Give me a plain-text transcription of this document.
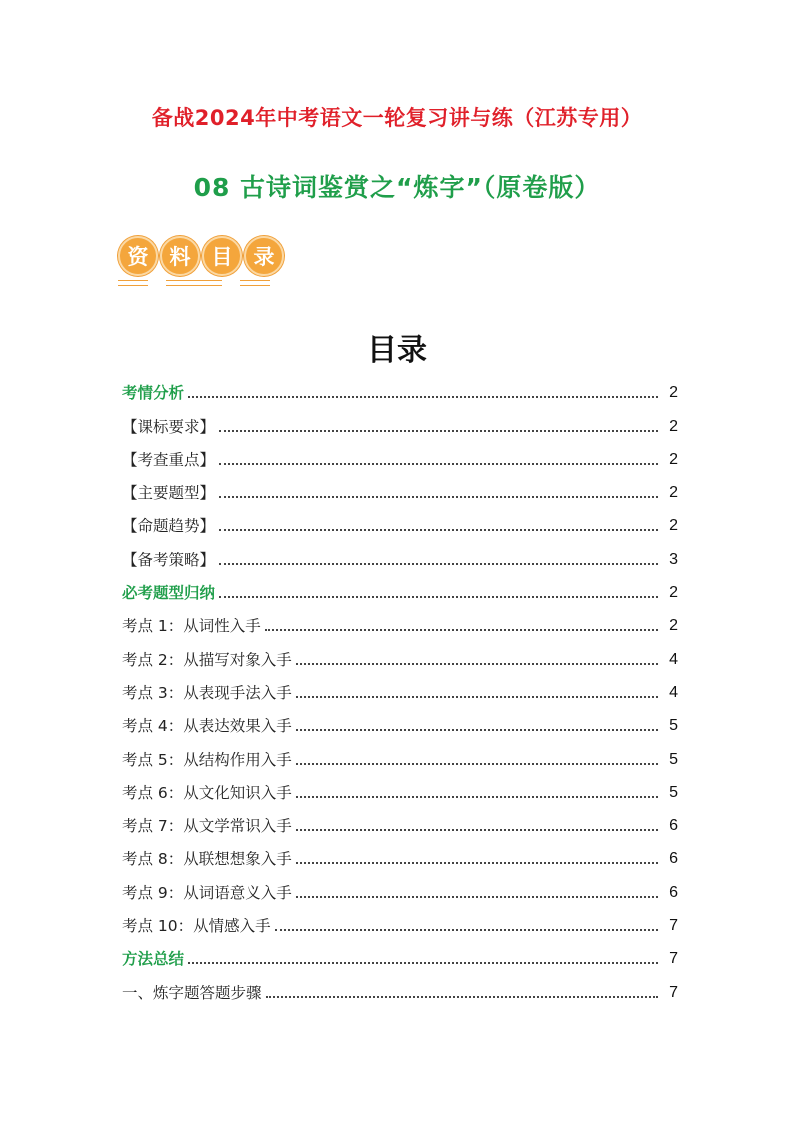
备战2024年中考语文一轮复习讲与练（江苏专用）
08 古诗词鉴赏之“炼字”（原卷版）
资	料	目	录
目录
考情分析	2
【课标要求】	2
【考查重点】	2
【主要题型】	2
【命题趋势】	2
【备考策略】	3
必考题型归纳	2
考点 1：从词性入手	2
考点 2：从描写对象入手	4
考点 3：从表现手法入手	4
考点 4：从表达效果入手	5
考点 5：从结构作用入手	5
考点 6：从文化知识入手	5
考点 7：从文学常识入手	6
考点 8：从联想想象入手	6
考点 9：从词语意义入手	6
考点 10：从情感入手	7
方法总结	7
一、炼字题答题步骤	7
